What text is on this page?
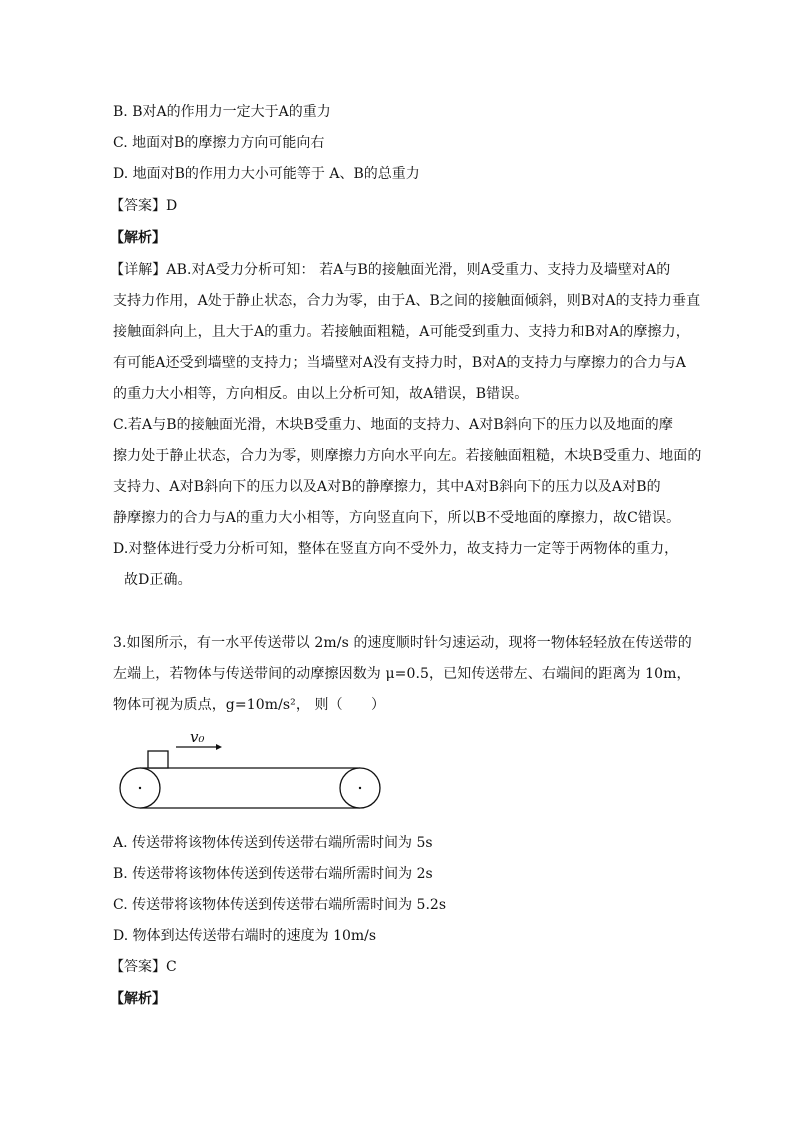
B. B对A的作用力一定大于A的重力
C. 地面对B的摩擦力方向可能向右
D. 地面对B的作用力大小可能等于 A、B的总重力
【答案】D
【解析】
【详解】AB.对A受力分析可知： 若A与B的接触面光滑，则A受重力、支持力及墙壁对A的
支持力作用，A处于静止状态，合力为零，由于A、B之间的接触面倾斜，则B对A的支持力垂直
接触面斜向上，且大于A的重力。若接触面粗糙，A可能受到重力、支持力和B对A的摩擦力，
有可能A还受到墙壁的支持力；当墙壁对A没有支持力时，B对A的支持力与摩擦力的合力与A
的重力大小相等，方向相反。由以上分析可知，故A错误，B错误。
C.若A与B的接触面光滑，木块B受重力、地面的支持力、A对B斜向下的压力以及地面的摩
擦力处于静止状态，合力为零，则摩擦力方向水平向左。若接触面粗糙，木块B受重力、地面的
支持力、A对B斜向下的压力以及A对B的静摩擦力，其中A对B斜向下的压力以及A对B的
静摩擦力的合力与A的重力大小相等，方向竖直向下，所以B不受地面的摩擦力，故C错误。
D.对整体进行受力分析可知，整体在竖直方向不受外力，故支持力一定等于两物体的重力，
故D正确。
3.如图所示，有一水平传送带以 2m/s 的速度顺时针匀速运动，现将一物体轻轻放在传送带的
左端上，若物体与传送带间的动摩擦因数为 μ=0.5，已知传送带左、右端间的距离为 10m，
物体可视为质点，g=10m/s²， 则（　　）
v₀
A. 传送带将该物体传送到传送带右端所需时间为 5s
B. 传送带将该物体传送到传送带右端所需时间为 2s
C. 传送带将该物体传送到传送带右端所需时间为 5.2s
D. 物体到达传送带右端时的速度为 10m/s
【答案】C
【解析】
